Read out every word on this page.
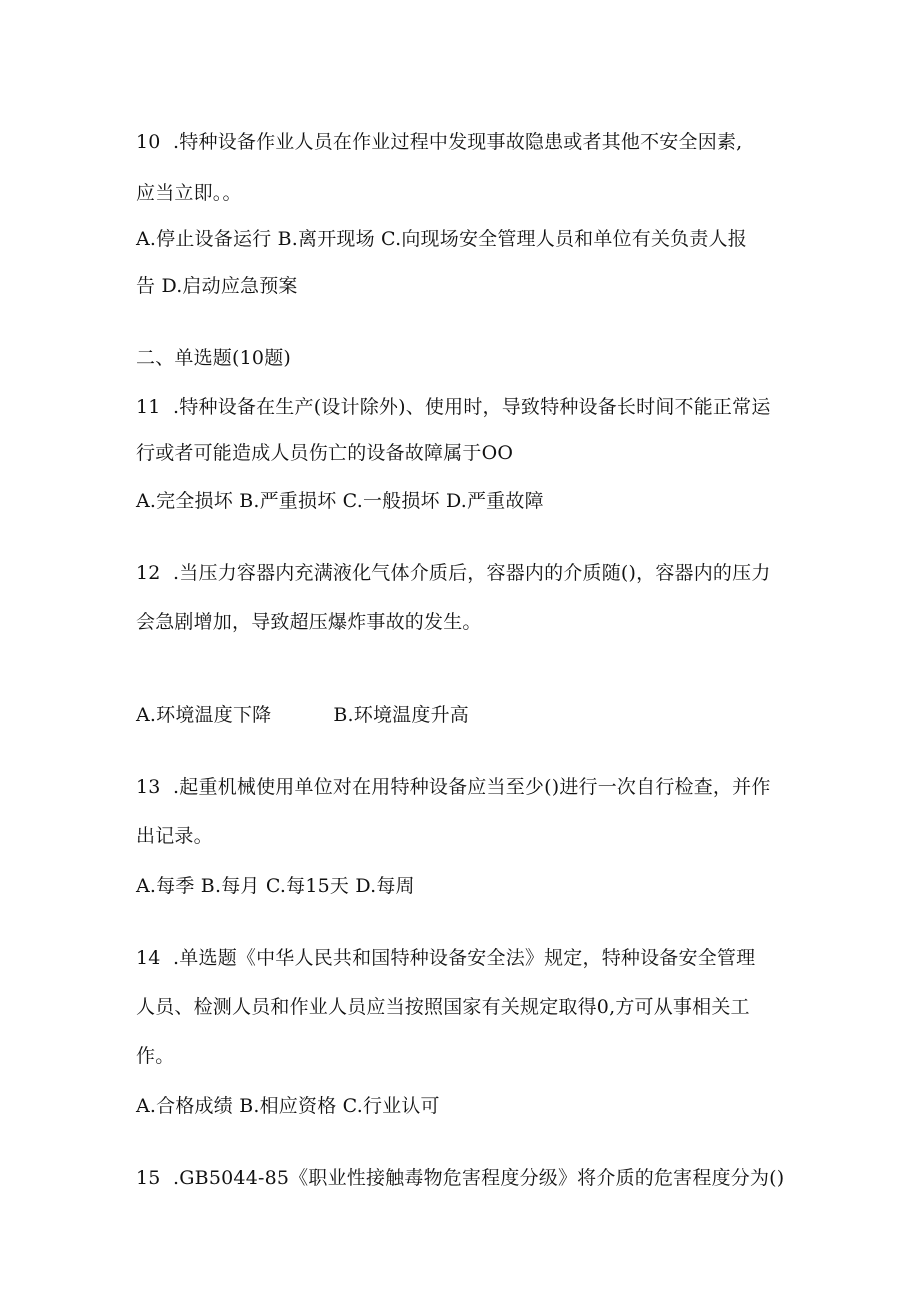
10  .特种设备作业人员在作业过程中发现事故隐患或者其他不安全因素,
应当立即。。
A.停止设备运行 B.离开现场 C.向现场安全管理人员和单位有关负责人报
告 D.启动应急预案
二、单选题(10题)
11  .特种设备在生产(设计除外)、使用时，导致特种设备长时间不能正常运
行或者可能造成人员伤亡的设备故障属于OO
A.完全损坏 B.严重损坏 C.一般损坏 D.严重故障
12  .当压力容器内充满液化气体介质后，容器内的介质随()，容器内的压力
会急剧增加，导致超压爆炸事故的发生。
A.环境温度下降	B.环境温度升高
13  .起重机械使用单位对在用特种设备应当至少()进行一次自行检查，并作
出记录。
A.每季 B.每月 C.每15天 D.每周
14  .单选题《中华人民共和国特种设备安全法》规定，特种设备安全管理
人员、检测人员和作业人员应当按照国家有关规定取得0,方可从事相关工
作。
A.合格成绩 B.相应资格 C.行业认可
15  .GB5044-85《职业性接触毒物危害程度分级》将介质的危害程度分为()
